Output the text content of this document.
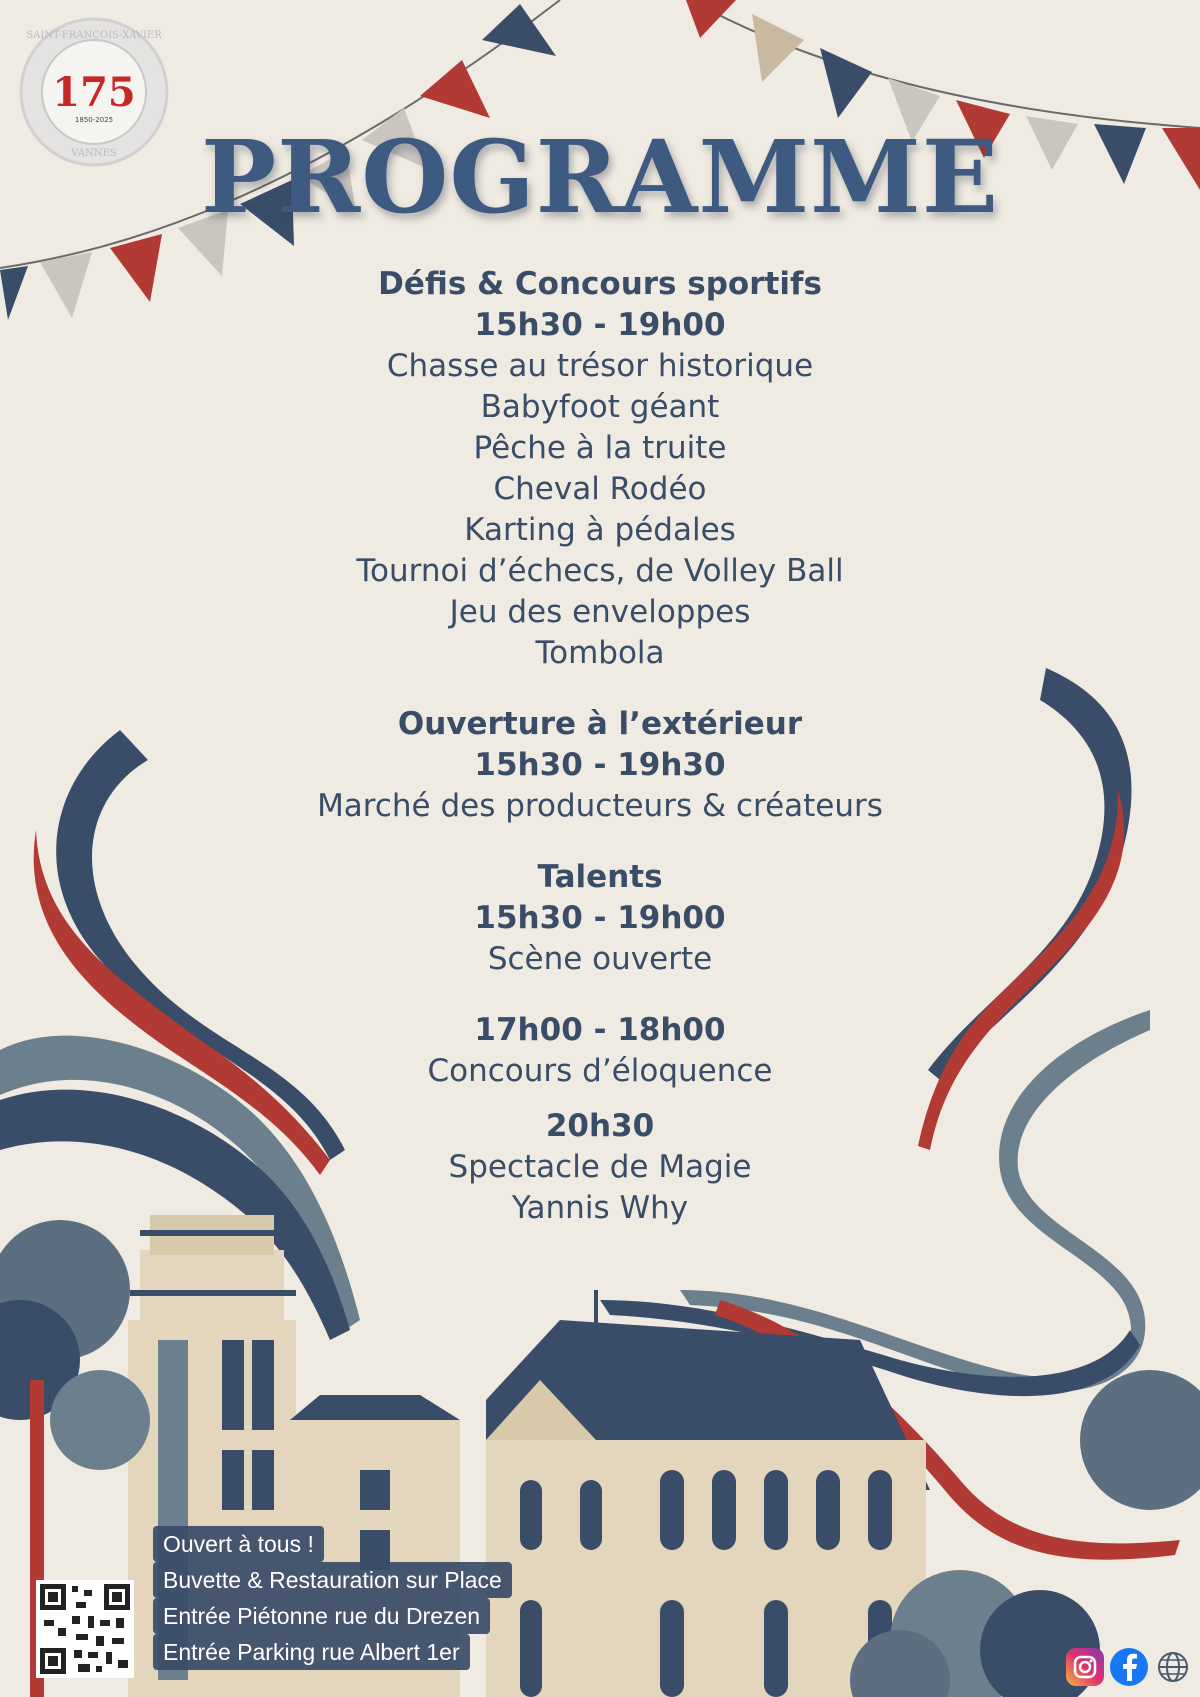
SAINT-FRANÇOIS-XAVIER
VANNES
175
1850-2025 PROGRAMME
Défis & Concours sportifs
15h30 - 19h00
Chasse au trésor historique
Babyfoot géant
Pêche à la truite
Cheval Rodéo
Karting à pédales
Tournoi d’échecs, de Volley Ball
Jeu des enveloppes
Tombola
Ouverture à l’extérieur
15h30 - 19h30
Marché des producteurs & créateurs
Talents
15h30 - 19h00
Scène ouverte
17h00 - 18h00
Concours d’éloquence
20h30
Spectacle de Magie
Yannis Why
Ouvert à tous !
Buvette & Restauration sur Place
Entrée Piétonne rue du Drezen
Entrée Parking rue Albert 1er
